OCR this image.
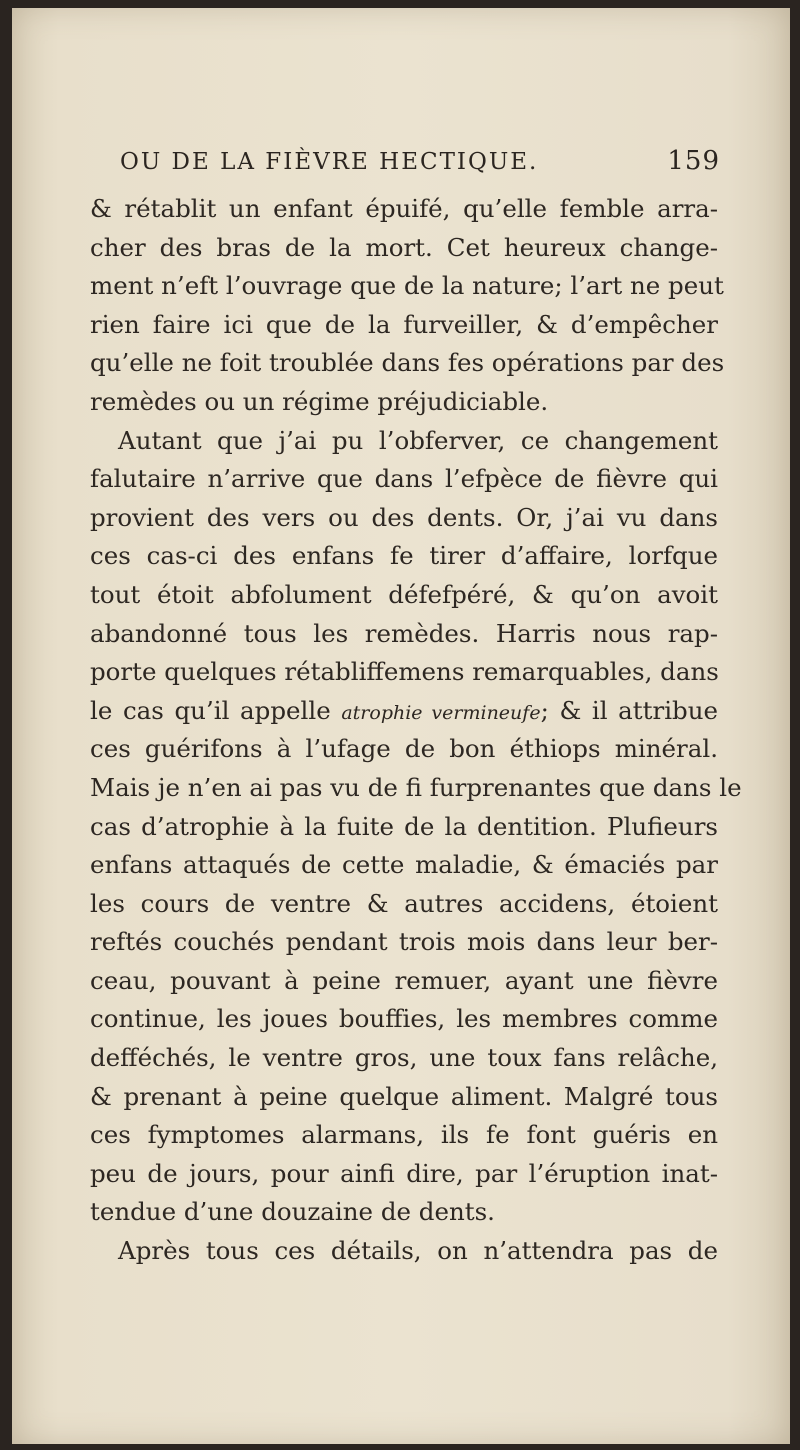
OU DE LA FIÈVRE HECTIQUE.	159
& rétablit un enfant épuifé, qu’elle femble arra-
cher des bras de la mort. Cet heureux change-
ment n’eft l’ouvrage que de la nature; l’art ne peut
rien faire ici que de la furveiller, & d’empêcher
qu’elle ne foit troublée dans fes opérations par des
remèdes ou un régime préjudiciable.
Autant que j’ai pu l’obferver, ce changement
falutaire n’arrive que dans l’efpèce de fièvre qui
provient des vers ou des dents. Or, j’ai vu dans
ces cas-ci des enfans fe tirer d’affaire, lorfque
tout étoit abfolument défefpéré, & qu’on avoit
abandonné tous les remèdes. Harris nous rap-
porte quelques rétabliffemens remarquables, dans
le cas qu’il appelle atrophie vermineufe; & il attribue
ces guérifons à l’ufage de bon éthiops minéral.
Mais je n’en ai pas vu de fi furprenantes que dans le
cas d’atrophie à la fuite de la dentition. Plufieurs
enfans attaqués de cette maladie, & émaciés par
les cours de ventre & autres accidens, étoient
reftés couchés pendant trois mois dans leur ber-
ceau, pouvant à peine remuer, ayant une fièvre
continue, les joues bouffies, les membres comme
defféchés, le ventre gros, une toux fans relâche,
& prenant à peine quelque aliment. Malgré tous
ces fymptomes alarmans, ils fe font guéris en
peu de jours, pour ainfi dire, par l’éruption inat-
tendue d’une douzaine de dents.
Après tous ces détails, on n’attendra pas de
